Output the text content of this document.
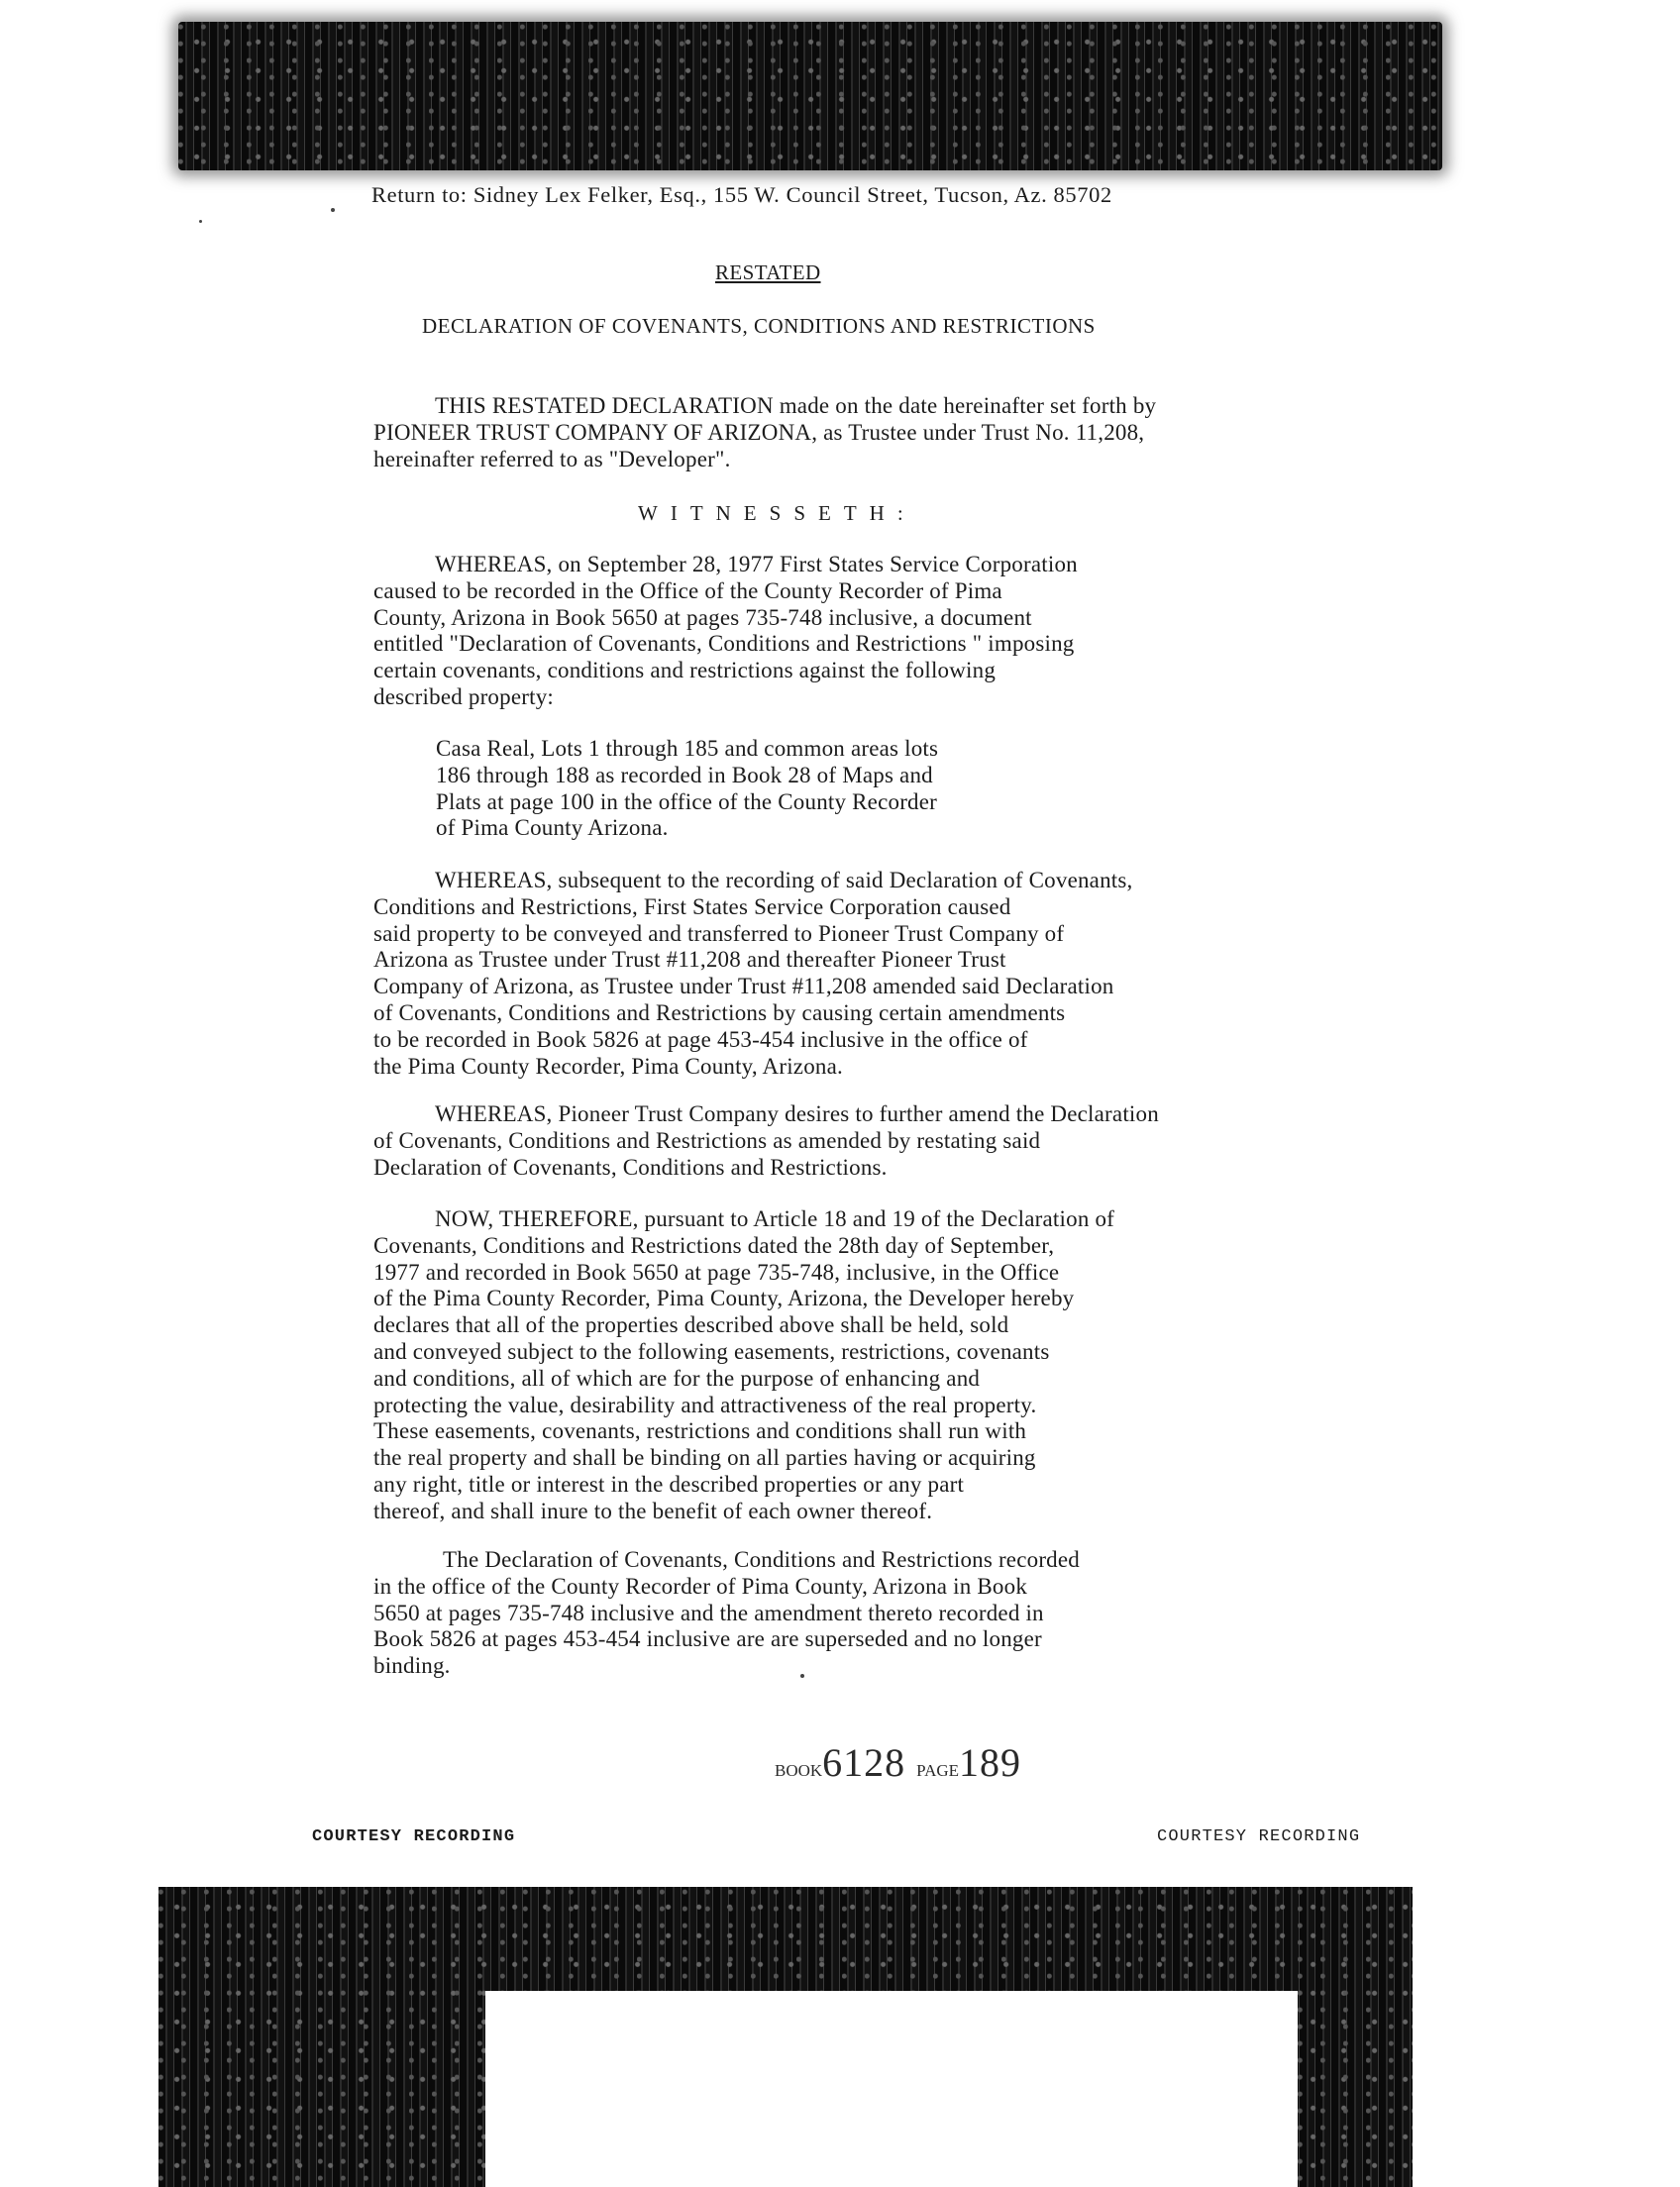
Return to: Sidney Lex Felker, Esq., 155 W. Council Street, Tucson, Az. 85702
RESTATED
DECLARATION OF COVENANTS, CONDITIONS AND RESTRICTIONS
THIS RESTATED DECLARATION made on the date hereinafter set forth by
PIONEER TRUST COMPANY OF ARIZONA, as Trustee under Trust No. 11,208,
hereinafter referred to as "Developer".
WITNESSETH:
WHEREAS, on September 28, 1977 First States Service Corporation
caused to be recorded in the Office of the County Recorder of Pima
County, Arizona in Book 5650 at pages 735-748 inclusive, a document
entitled "Declaration of Covenants, Conditions and Restrictions " imposing
certain covenants, conditions and restrictions against the following
described property:
Casa Real, Lots 1 through 185 and common areas lots
186 through 188 as recorded in Book 28 of Maps and
Plats at page 100 in the office of the County Recorder
of Pima County Arizona.
WHEREAS, subsequent to the recording of said Declaration of Covenants,
Conditions and Restrictions, First States Service Corporation caused
said property to be conveyed and transferred to Pioneer Trust Company of
Arizona as Trustee under Trust #11,208 and thereafter Pioneer Trust
Company of Arizona, as Trustee under Trust #11,208 amended said Declaration
of Covenants, Conditions and Restrictions by causing certain amendments
to be recorded in Book 5826 at page 453-454 inclusive in the office of
the Pima County Recorder, Pima County, Arizona.
WHEREAS, Pioneer Trust Company desires to further amend the Declaration
of Covenants, Conditions and Restrictions as amended by restating said
Declaration of Covenants, Conditions and Restrictions.
NOW, THEREFORE, pursuant to Article 18 and 19 of the Declaration of
Covenants, Conditions and Restrictions dated the 28th day of September,
1977 and recorded in Book 5650 at page 735-748, inclusive, in the Office
of the Pima County Recorder, Pima County, Arizona, the Developer hereby
declares that all of the properties described above shall be held, sold
and conveyed subject to the following easements, restrictions, covenants
and conditions, all of which are for the purpose of enhancing and
protecting the value, desirability and attractiveness of the real property.
These easements, covenants, restrictions and conditions shall run with
the real property and shall be binding on all parties having or acquiring
any right, title or interest in the described properties or any part
thereof, and shall inure to the benefit of each owner thereof.
The Declaration of Covenants, Conditions and Restrictions recorded
in the office of the County Recorder of Pima County, Arizona in Book
5650 at pages 735-748 inclusive and the amendment thereto recorded in
Book 5826 at pages 453-454 inclusive are are superseded and no longer
binding.
BOOK6128 PAGE189
COURTESY RECORDING	COURTESY RECORDING
